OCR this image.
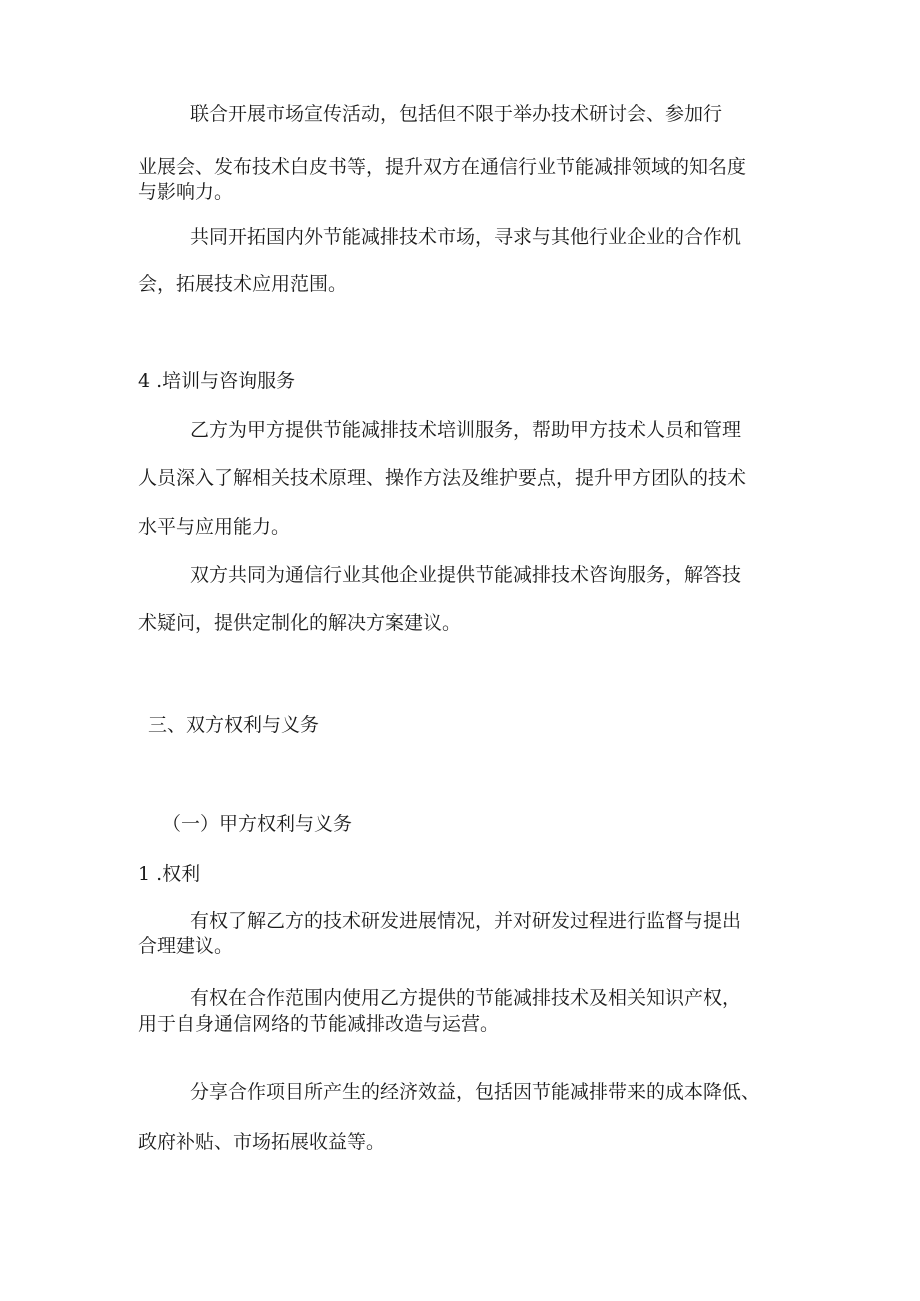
联合开展市场宣传活动，包括但不限于举办技术研讨会、参加行

业展会、发布技术白皮书等，提升双方在通信行业节能减排领域的知名度

与影响力。

共同开拓国内外节能减排技术市场，寻求与其他行业企业的合作机

会，拓展技术应用范围。

4 .培训与咨询服务

乙方为甲方提供节能减排技术培训服务，帮助甲方技术人员和管理

人员深入了解相关技术原理、操作方法及维护要点，提升甲方团队的技术

水平与应用能力。

双方共同为通信行业其他企业提供节能减排技术咨询服务，解答技

术疑问，提供定制化的解决方案建议。

三、双方权利与义务

（一）甲方权利与义务

1 .权利

有权了解乙方的技术研发进展情况，并对研发过程进行监督与提出

合理建议。

有权在合作范围内使用乙方提供的节能减排技术及相关知识产权，

用于自身通信网络的节能减排改造与运营。

分享合作项目所产生的经济效益，包括因节能减排带来的成本降低、

政府补贴、市场拓展收益等。
